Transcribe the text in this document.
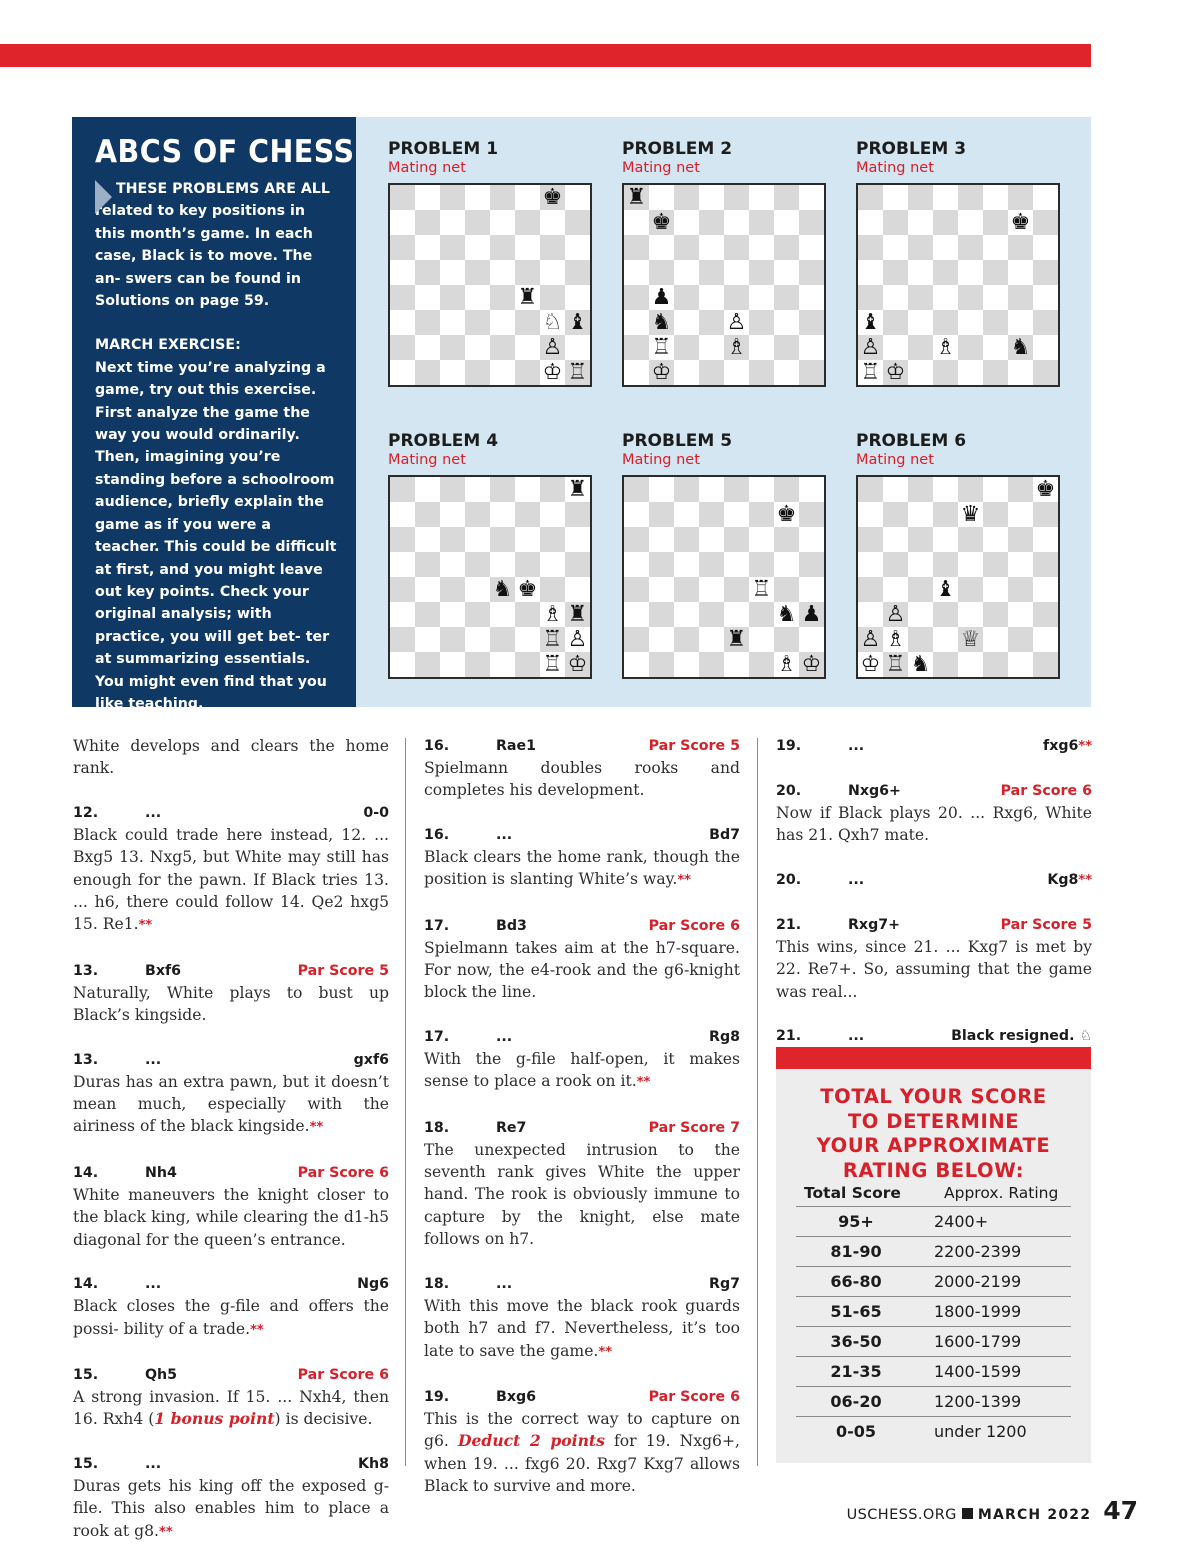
ABCS OF CHESS
THESE PROBLEMS ARE ALL related to key positions in this month’s game. In each case, Black is to move. The an- swers can be found in Solutions on page 59.
MARCH EXERCISE:
Next time you’re analyzing a game, try out this exercise. First analyze the game the way you would ordinarily. Then, imagining you’re standing before a schoolroom audience, briefly explain the game as if you were a teacher. This could be difficult at first, and you might leave out key points. Check your original analysis; with practice, you will get bet- ter at summarizing essentials. You might even find that you like teaching.
PROBLEM 1
Mating net
♚
♜
♘ ♝
♙
♔ ♖
PROBLEM 2
Mating net
♜
♚
♟
♞	♙
♖	♗
♔
PROBLEM 3
Mating net
♚
♝
♙	♗	♞
♖ ♔
PROBLEM 4
Mating net
♜
♞ ♚
♗ ♜
♖ ♙
♖ ♔
PROBLEM 5
Mating net
♚
♖
♞ ♟
♜
♗ ♔
PROBLEM 6
Mating net
♚
♛
♝
♙
♙ ♗	♕
♔ ♖ ♞
White develops and clears the home rank.
12.	...	0-0
Black could trade here instead, 12. ... Bxg5 13. Nxg5, but White may still has enough for the pawn. If Black tries 13. ... h6, there could follow 14. Qe2 hxg5 15. Re1.**
13.	Bxf6	Par Score 5
Naturally, White plays to bust up Black’s kingside.
13.	...	gxf6
Duras has an extra pawn, but it doesn’t mean much, especially with the airiness of the black kingside.**
14.	Nh4	Par Score 6
White maneuvers the knight closer to the black king, while clearing the d1-h5 diagonal for the queen’s entrance.
14.	...	Ng6
Black closes the g-file and offers the possi- bility of a trade.**
15.	Qh5	Par Score 6
A strong invasion. If 15. ... Nxh4, then 16. Rxh4 (1 bonus point) is decisive.
15.	...	Kh8
Duras gets his king off the exposed g-file. This also enables him to place a rook at g8.**
16.	Rae1	Par Score 5
Spielmann doubles rooks and completes his development.
16.	...	Bd7
Black clears the home rank, though the position is slanting White’s way.**
17.	Bd3	Par Score 6
Spielmann takes aim at the h7-square. For now, the e4-rook and the g6-knight block the line.
17.	...	Rg8
With the g-file half-open, it makes sense to place a rook on it.**
18.	Re7	Par Score 7
The unexpected intrusion to the seventh rank gives White the upper hand. The rook is obviously immune to capture by the knight, else mate follows on h7.
18.	...	Rg7
With this move the black rook guards both h7 and f7. Nevertheless, it’s too late to save the game.**
19.	Bxg6	Par Score 6
This is the correct way to capture on g6. Deduct 2 points for 19. Nxg6+, when 19. ... fxg6 20. Rxg7 Kxg7 allows Black to survive and more.
19.	...	fxg6**
20.	Nxg6+	Par Score 6
Now if Black plays 20. ... Rxg6, White has 21. Qxh7 mate.
20.	...	Kg8**
21.	Rxg7+	Par Score 5
This wins, since 21. ... Kxg7 is met by 22. Re7+. So, assuming that the game was real...
21.	...	Black resigned. ♘
TOTAL YOUR SCORE
TO DETERMINE
YOUR APPROXIMATE
RATING BELOW:
Total Score	Approx. Rating
95+	2400+
81-90	2200-2399
66-80	2000-2199
51-65	1800-1999
36-50	1600-1799
21-35	1400-1599
06-20	1200-1399
0-05	under 1200
USCHESS.ORG MARCH 2022 47
